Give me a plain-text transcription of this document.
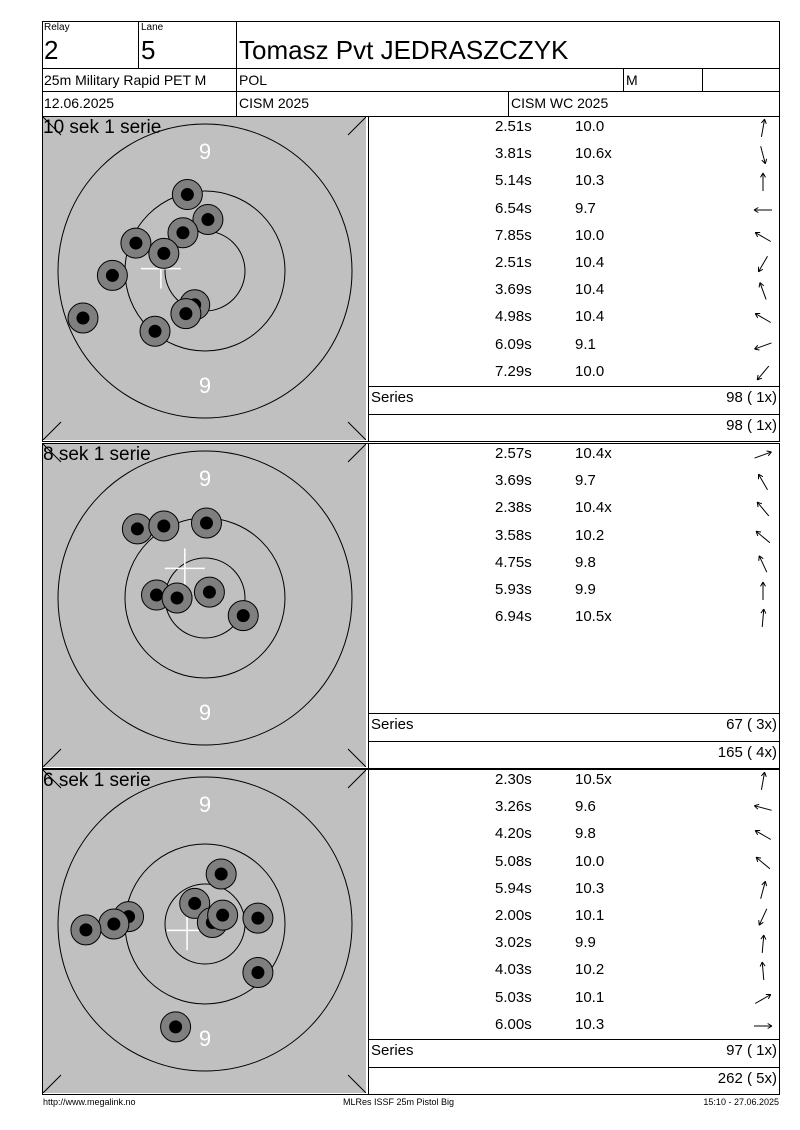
Relay
2
Lane
5	Tomasz Pvt JEDRASZCZYK
25m Military Rapid PET M POL	M
12.06.2025	CISM 2025	CISM WC 2025
9
9
10 sek 1 serie	2.51s	10.0
3.81s	10.6x
5.14s	10.3
6.54s	9.7
7.85s	10.0
2.51s	10.4
3.69s	10.4
4.98s	10.4
6.09s	9.1
7.29s	10.0
Series	98 ( 1x)
98 ( 1x)
9
9
8 sek 1 serie	2.57s	10.4x
3.69s	9.7
2.38s	10.4x
3.58s	10.2
4.75s	9.8
5.93s	9.9
6.94s	10.5x
Series	67 ( 3x)
165 ( 4x)
9
9
6 sek 1 serie	2.30s	10.5x
3.26s	9.6
4.20s	9.8
5.08s	10.0
5.94s	10.3
2.00s	10.1
3.02s	9.9
4.03s	10.2
5.03s	10.1
6.00s	10.3
Series	97 ( 1x)
262 ( 5x)
http://www.megalink.no	MLRes ISSF 25m Pistol Big	15:10 - 27.06.2025
